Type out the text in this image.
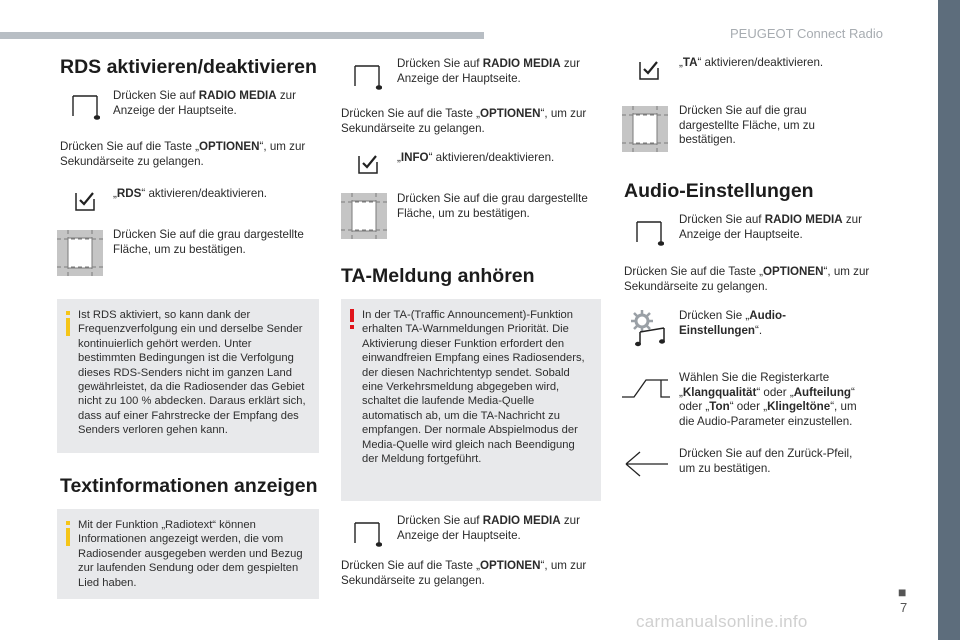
PEUGEOT Connect Radio
RDS aktivieren/deaktivieren
Drücken Sie auf RADIO MEDIA zur Anzeige der Hauptseite.
Drücken Sie auf die Taste „OPTIONEN“, um zur Sekundärseite zu gelangen.
„RDS“ aktivieren/deaktivieren.
Drücken Sie auf die grau dargestellte Fläche, um zu bestätigen.
Ist RDS aktiviert, so kann dank der Frequenzverfolgung ein und derselbe Sender kontinuierlich gehört werden. Unter bestimmten Bedingungen ist die Verfolgung dieses RDS-Senders nicht im ganzen Land gewährleistet, da die Radiosender das Gebiet nicht zu 100 % abdecken. Daraus erklärt sich, dass auf einer Fahrstrecke der Empfang des Senders verloren gehen kann.
Textinformationen anzeigen
Mit der Funktion „Radiotext“ können Informationen angezeigt werden, die vom Radiosender ausgegeben werden und Bezug zur laufenden Sendung oder dem gespielten Lied haben.
Drücken Sie auf RADIO MEDIA zur Anzeige der Hauptseite.
Drücken Sie auf die Taste „OPTIONEN“, um zur Sekundärseite zu gelangen.
„INFO“ aktivieren/deaktivieren.
Drücken Sie auf die grau dargestellte Fläche, um zu bestätigen.
TA-Meldung anhören
In der TA-(Traffic Announcement)-Funktion erhalten TA-Warnmeldungen Priorität. Die Aktivierung dieser Funktion erfordert den einwandfreien Empfang eines Radiosenders, der diesen Nachrichtentyp sendet. Sobald eine Verkehrsmeldung abgegeben wird, schaltet die laufende Media-Quelle automatisch ab, um die TA-Nachricht zu empfangen. Der normale Abspielmodus der Media-Quelle wird gleich nach Beendigung der Meldung fortgeführt.
Drücken Sie auf RADIO MEDIA zur Anzeige der Hauptseite.
Drücken Sie auf die Taste „OPTIONEN“, um zur Sekundärseite zu gelangen.
„TA“ aktivieren/deaktivieren.
Drücken Sie auf die grau dargestellte Fläche, um zu bestätigen.
Audio-Einstellungen
Drücken Sie auf RADIO MEDIA zur Anzeige der Hauptseite.
Drücken Sie auf die Taste „OPTIONEN“, um zur Sekundärseite zu gelangen.
Drücken Sie „Audio-Einstellungen“.
Wählen Sie die Registerkarte „Klangqualität“ oder „Aufteilung“ oder „Ton“ oder „Klingeltöne“, um die Audio-Parameter einzustellen.
Drücken Sie auf den Zurück-Pfeil, um zu bestätigen.
■
7
carmanualsonline.info
